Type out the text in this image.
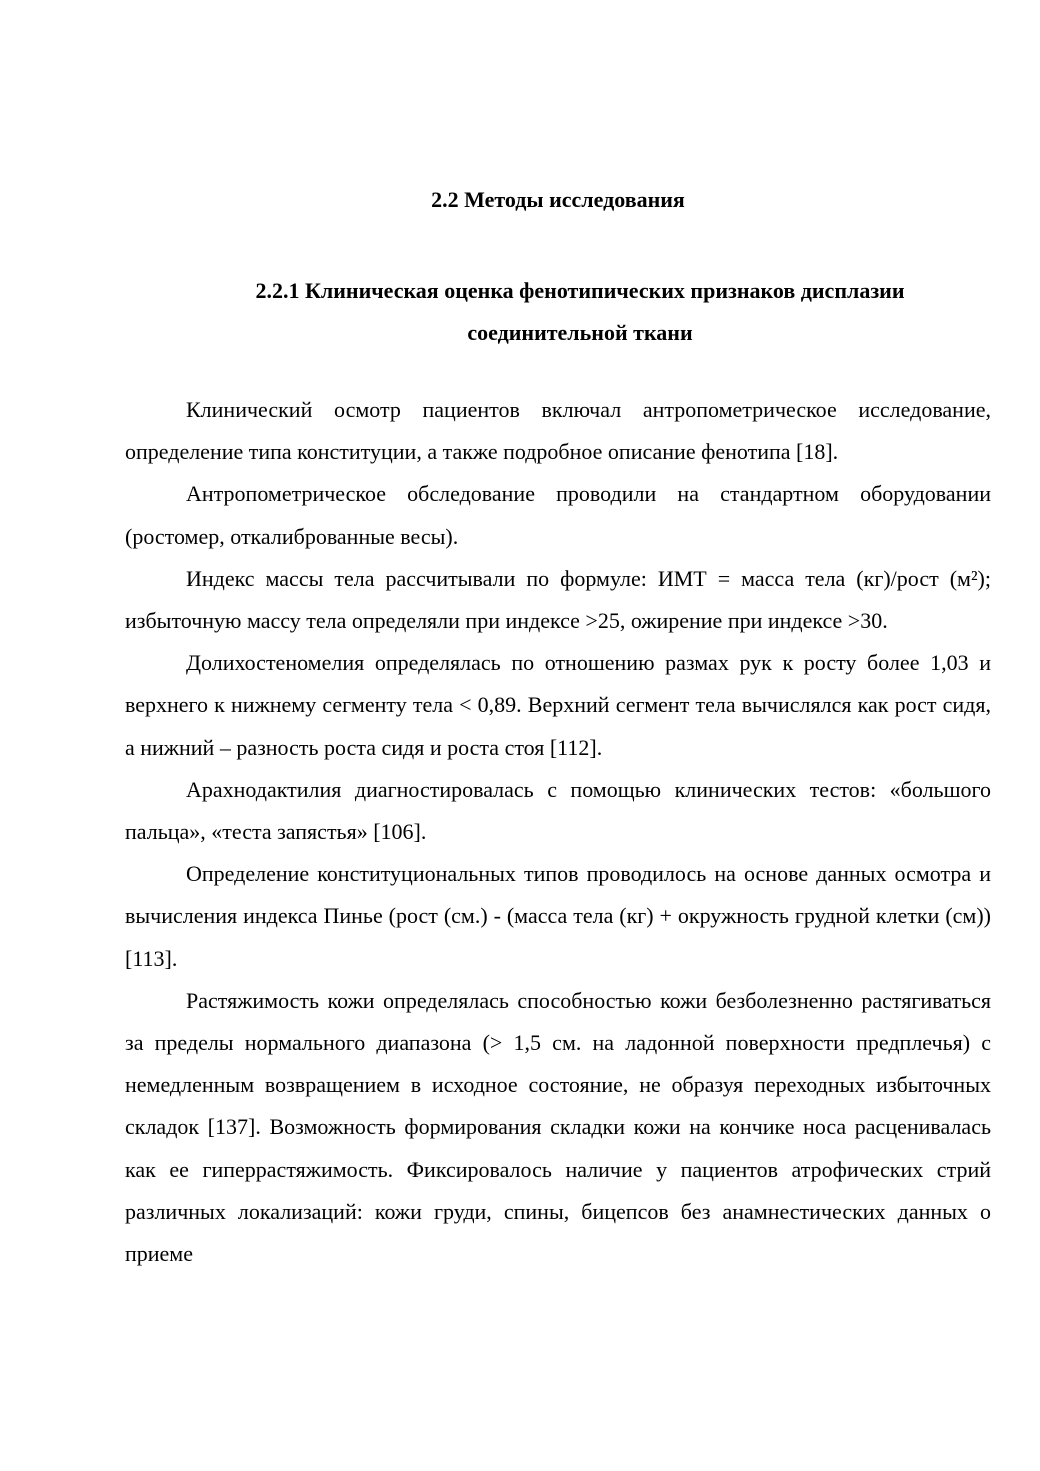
2.2 Методы исследования
2.2.1 Клиническая оценка фенотипических признаков дисплазии соединительной ткани

Клинический осмотр пациентов включал антропометрическое исследование, определение типа конституции, а также подробное описание фенотипа [18].

Антропометрическое обследование проводили на стандартном оборудовании (ростомер, откалиброванные весы).

Индекс массы тела рассчитывали по формуле: ИМТ = масса тела (кг)/рост (м²); избыточную массу тела определяли при индексе >25, ожирение при индексе >30.

Долихостеномелия определялась по отношению размах рук к росту более 1,03 и верхнего к нижнему сегменту тела < 0,89. Верхний сегмент тела вычислялся как рост сидя, а нижний – разность роста сидя и роста стоя [112].

Арахнодактилия диагностировалась с помощью клинических тестов: «большого пальца», «теста запястья» [106].

Определение конституциональных типов проводилось на основе данных осмотра и вычисления индекса Пинье (рост (см.) - (масса тела (кг) + окружность грудной клетки (см)) [113].

Растяжимость кожи определялась способностью кожи безболезненно растягиваться за пределы нормального диапазона (> 1,5 см. на ладонной поверхности предплечья) с немедленным возвращением в исходное состояние, не образуя переходных избыточных складок [137]. Возможность формирования складки кожи на кончике носа расценивалась как ее гиперрастяжимость. Фиксировалось наличие у пациентов атрофических стрий различных локализаций: кожи груди, спины, бицепсов без анамнестических данных о приеме
